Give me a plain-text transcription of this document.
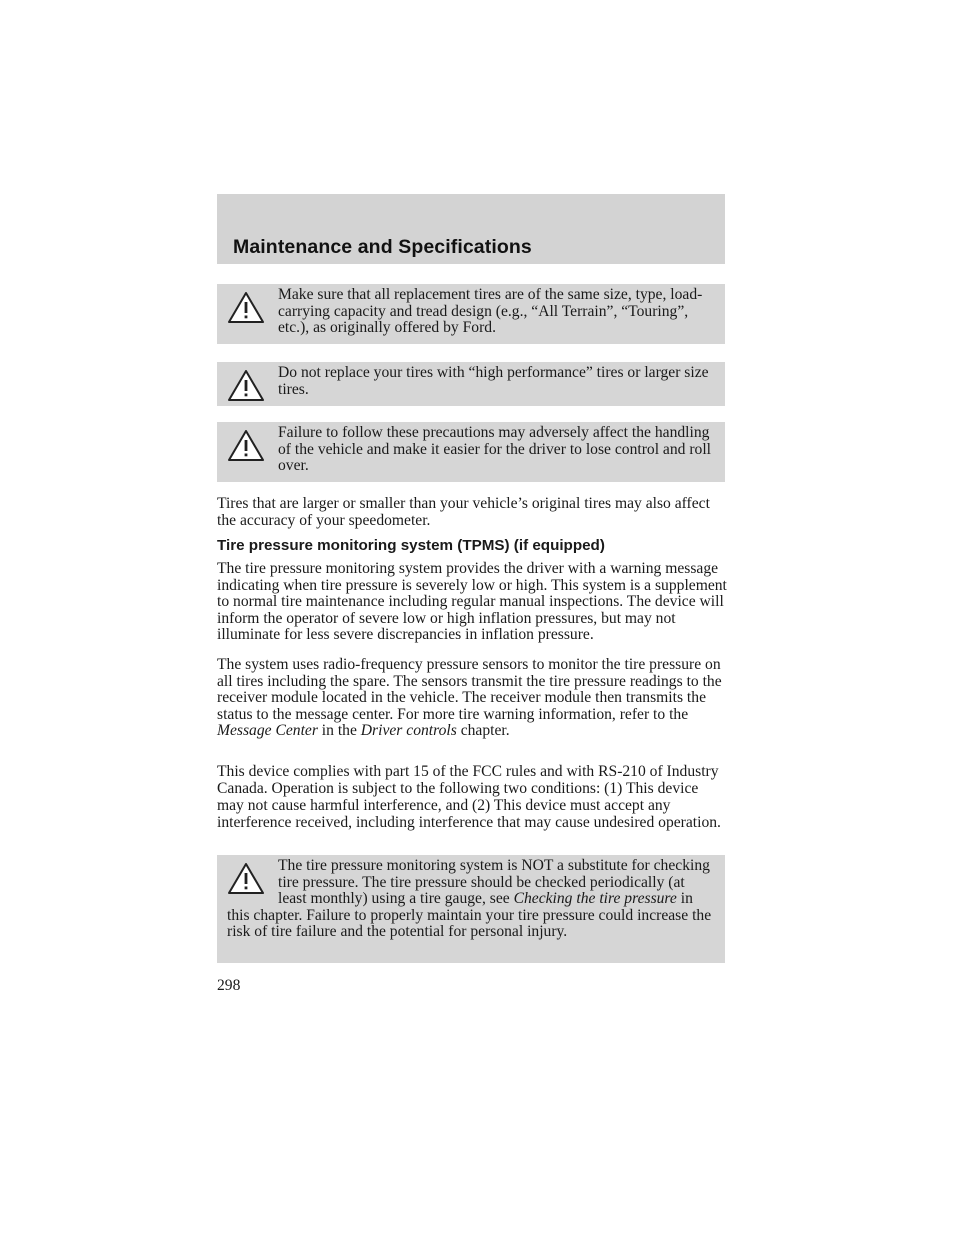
Maintenance and Specifications

Make sure that all replacement tires are of the same size, type, load-carrying capacity and tread design (e.g., “All Terrain”, “Touring”, etc.), as originally offered by Ford.

Do not replace your tires with “high performance” tires or larger size tires.

Failure to follow these precautions may adversely affect the handling of the vehicle and make it easier for the driver to lose control and roll over.

Tires that are larger or smaller than your vehicle’s original tires may also affect the accuracy of your speedometer.

Tire pressure monitoring system (TPMS) (if equipped)

The tire pressure monitoring system provides the driver with a warning message indicating when tire pressure is severely low or high. This system is a supplement to normal tire maintenance including regular manual inspections. The device will inform the operator of severe low or high inflation pressures, but may not illuminate for less severe discrepancies in inflation pressure.

The system uses radio-frequency pressure sensors to monitor the tire pressure on all tires including the spare. The sensors transmit the tire pressure readings to the receiver module located in the vehicle. The receiver module then transmits the status to the message center. For more tire warning information, refer to the Message Center in the Driver controls chapter.

This device complies with part 15 of the FCC rules and with RS-210 of Industry Canada. Operation is subject to the following two conditions: (1) This device may not cause harmful interference, and (2) This device must accept any interference received, including interference that may cause undesired operation.

The tire pressure monitoring system is NOT a substitute for checking tire pressure. The tire pressure should be checked periodically (at least monthly) using a tire gauge, see Checking the tire pressure in this chapter. Failure to properly maintain your tire pressure could increase the risk of tire failure and the potential for personal injury.

298
